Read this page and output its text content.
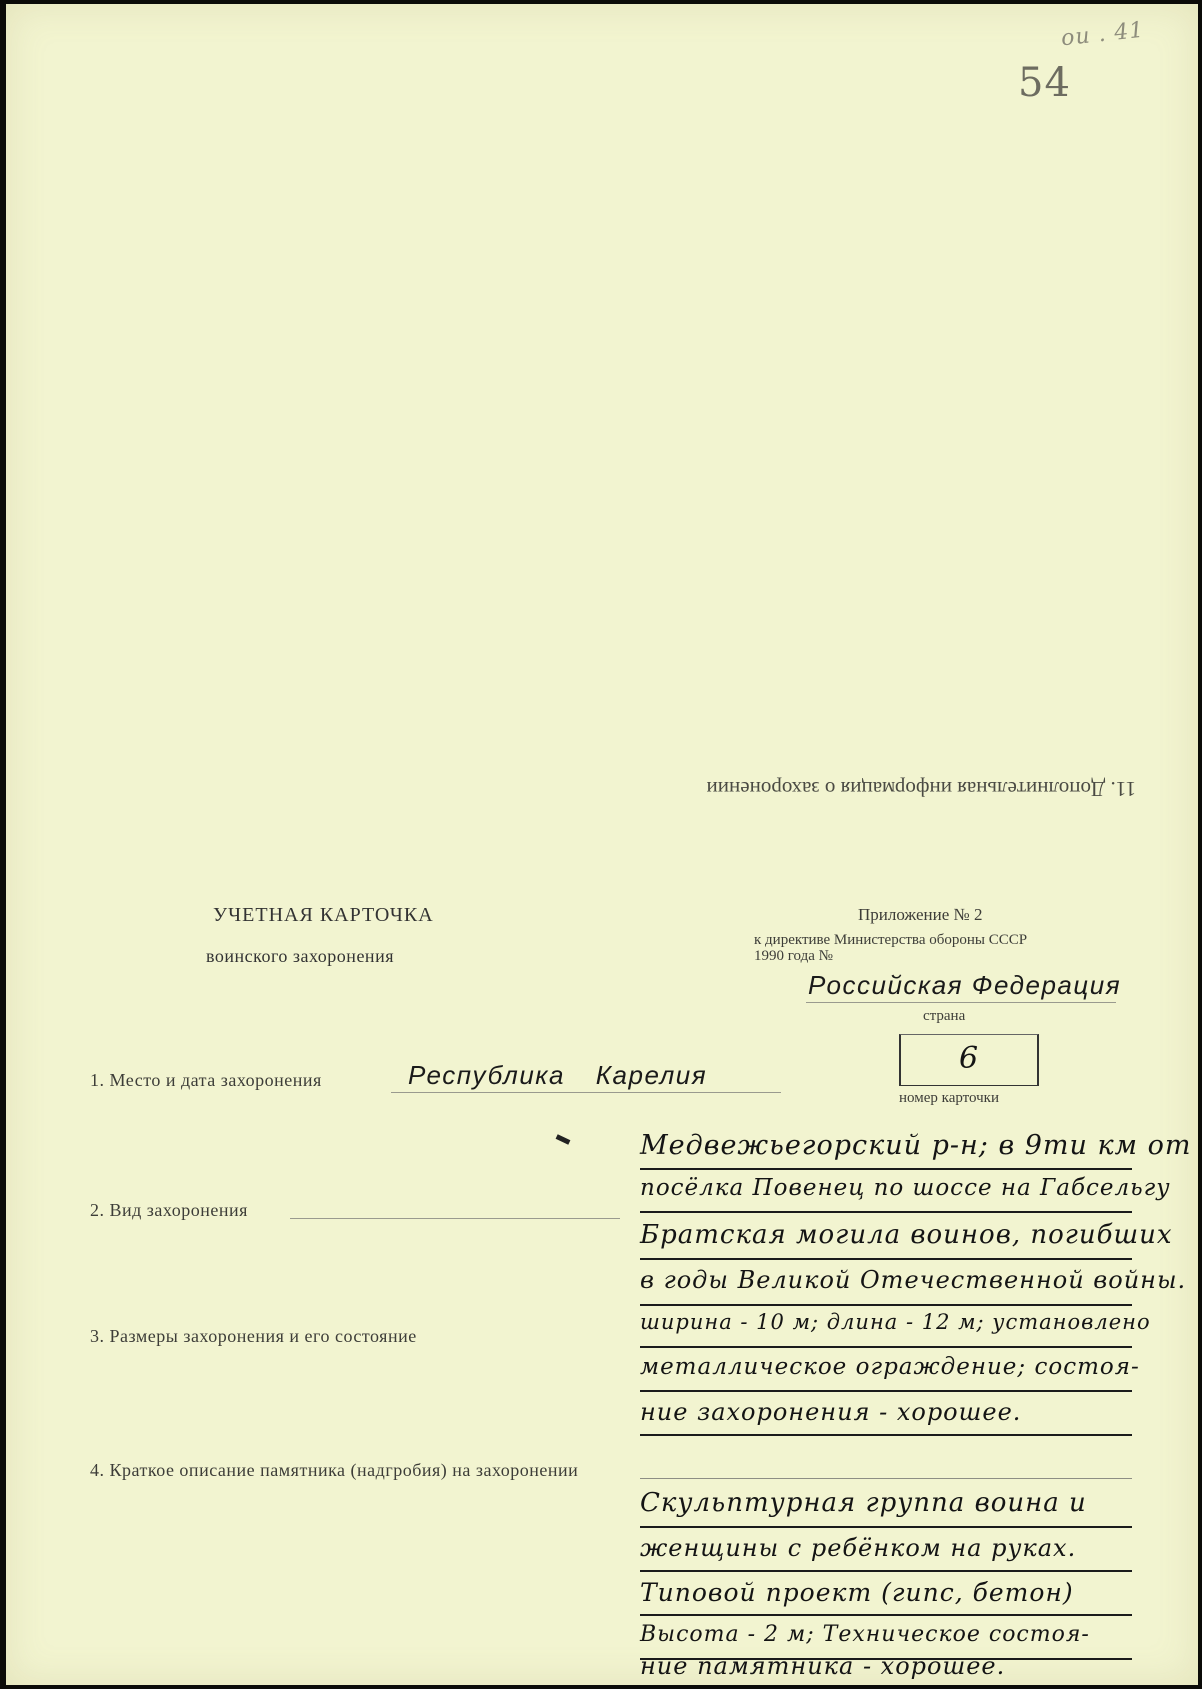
ou . 41
54
11. Дополнительная информация о захоронении
УЧЕТНАЯ КАРТОЧКА
воинского захоронения
Приложение № 2
к директиве Министерства обороны СССР
1990 года №
Российская Федерация
страна
6
номер карточки
1. Место и дата захоронения	Республика Карелия
2. Вид захоронения
3. Размеры захоронения и его состояние
4. Краткое описание памятника (надгробия) на захоронении
Медвежьегорский р-н; в 9ти км от
посёлка Повенец по шоссе на Габсельгу
Братская могила воинов, погибших
в годы Великой Отечественной войны.
ширина - 10 м; длина - 12 м; установлено
металлическое ограждение; состоя-
ние захоронения - хорошее.
Скульптурная группа воина и
женщины с ребёнком на руках.
Типовой проект (гипс, бетон)
Высота - 2 м; Техническое состоя-
ние памятника - хорошее.
